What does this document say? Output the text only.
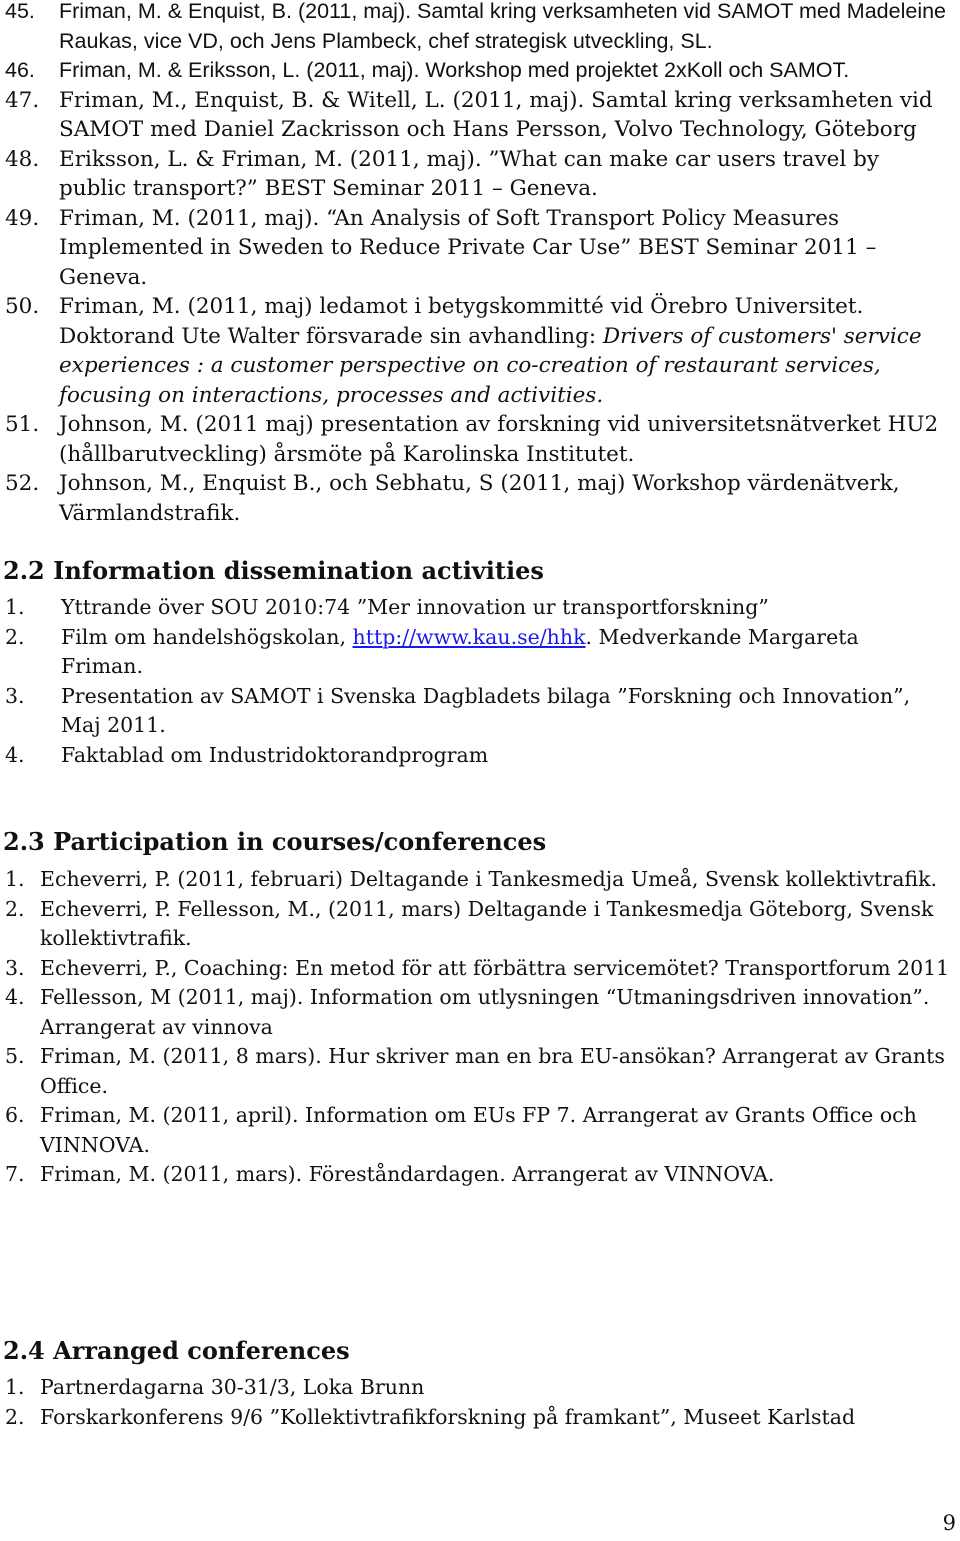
45. Friman, M. & Enquist, B. (2011, maj). Samtal kring verksamheten vid SAMOT med Madeleine Raukas, vice VD, och Jens Plambeck, chef strategisk utveckling, SL.
46. Friman, M. & Eriksson, L. (2011, maj). Workshop med projektet 2xKoll och SAMOT.
47. Friman, M., Enquist, B. & Witell, L. (2011, maj). Samtal kring verksamheten vid SAMOT med Daniel Zackrisson och Hans Persson, Volvo Technology, Göteborg
48. Eriksson, L. & Friman, M. (2011, maj). ”What can make car users travel by public transport?” BEST Seminar 2011 – Geneva.
49. Friman, M. (2011, maj). “An Analysis of Soft Transport Policy Measures Implemented in Sweden to Reduce Private Car Use” BEST Seminar 2011 – Geneva.
50. Friman, M. (2011, maj) ledamot i betygskommitté vid Örebro Universitet. Doktorand Ute Walter försvarade sin avhandling: Drivers of customers' service experiences : a customer perspective on co-creation of restaurant services, focusing on interactions, processes and activities.
51. Johnson, M. (2011 maj) presentation av forskning vid universitetsnätverket HU2 (hållbarutveckling) årsmöte på Karolinska Institutet.
52. Johnson, M., Enquist B., och Sebhatu, S (2011, maj) Workshop värdenätverk, Värmlandstrafik.
2.2 Information dissemination activities
1. Yttrande över SOU 2010:74 ”Mer innovation ur transportforskning”
2. Film om handelshögskolan, http://www.kau.se/hhk. Medverkande Margareta Friman.
3. Presentation av SAMOT i Svenska Dagbladets bilaga ”Forskning och Innovation”, Maj 2011.
4. Faktablad om Industridoktorandprogram
2.3 Participation in courses/conferences
1. Echeverri, P. (2011, februari) Deltagande i Tankesmedja Umeå, Svensk kollektivtrafik.
2. Echeverri, P. Fellesson, M., (2011, mars) Deltagande i Tankesmedja Göteborg, Svensk kollektivtrafik.
3. Echeverri, P., Coaching: En metod för att förbättra servicemötet? Transportforum 2011
4. Fellesson, M (2011, maj). Information om utlysningen “Utmaningsdriven innovation”. Arrangerat av vinnova
5. Friman, M. (2011, 8 mars). Hur skriver man en bra EU-ansökan? Arrangerat av Grants Office.
6. Friman, M. (2011, april). Information om EUs FP 7. Arrangerat av Grants Office och VINNOVA.
7. Friman, M. (2011, mars). Föreståndardagen. Arrangerat av VINNOVA.
2.4 Arranged conferences
1. Partnerdagarna 30-31/3, Loka Brunn
2. Forskarkonferens 9/6 ”Kollektivtrafikforskning på framkant”, Museet Karlstad
9
